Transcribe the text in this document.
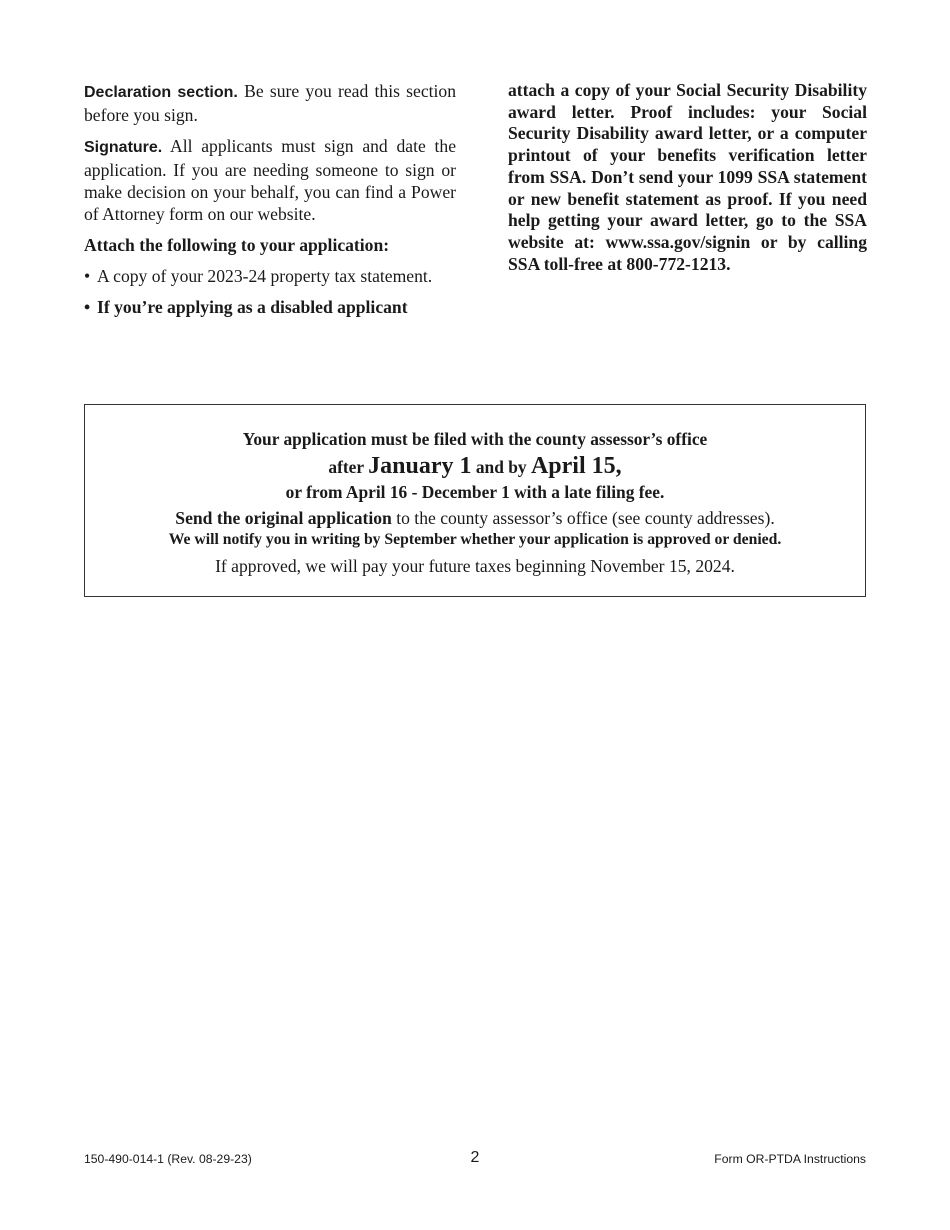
Declaration section. Be sure you read this section before you sign.

Signature. All applicants must sign and date the application. If you are needing someone to sign or make decision on your behalf, you can find a Power of Attorney form on our website.

Attach the following to your application:

• A copy of your 2023-24 property tax statement.
• If you’re applying as a disabled applicant

attach a copy of your Social Security Disability award letter. Proof includes: your Social Security Disability award letter, or a computer printout of your benefits verification letter from SSA. Don’t send your 1099 SSA statement or new benefit statement as proof. If you need help getting your award letter, go to the SSA website at: www.ssa.gov/signin or by calling SSA toll-free at 800-772-1213.

Your application must be filed with the county assessor’s office
after January 1 and by April 15,
or from April 16 - December 1 with a late filing fee.
Send the original application to the county assessor’s office (see county addresses).
We will notify you in writing by September whether your application is approved or denied.
If approved, we will pay your future taxes beginning November 15, 2024.
150-490-014-1 (Rev. 08-29-23)	2	Form OR-PTDA Instructions
